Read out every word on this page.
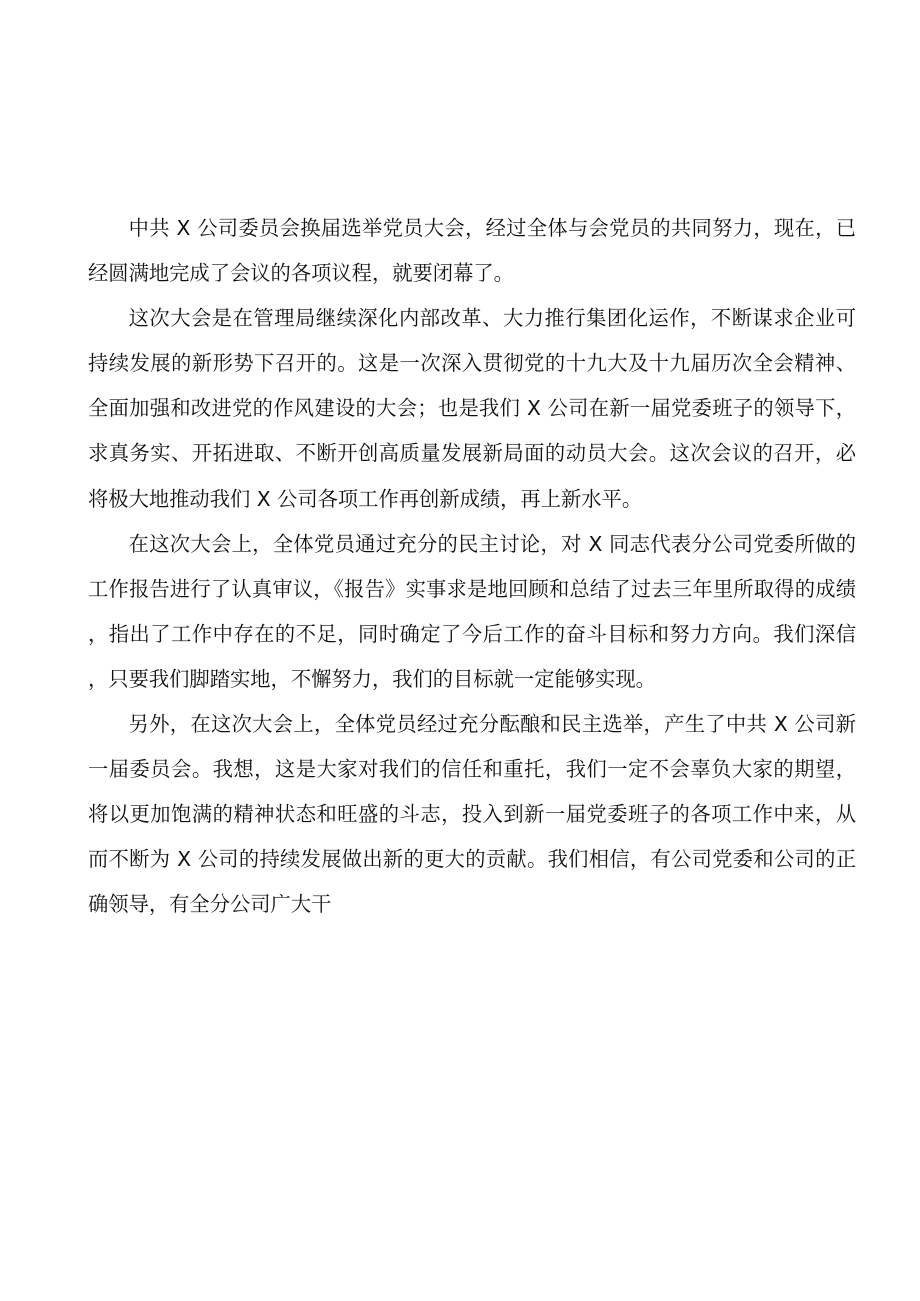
中共 X 公司委员会换届选举党员大会，经过全体与会党员的共同努力，现在，已经圆满地完成了会议的各项议程，就要闭幕了。

这次大会是在管理局继续深化内部改革、大力推行集团化运作，不断谋求企业可持续发展的新形势下召开的。这是一次深入贯彻党的十九大及十九届历次全会精神、全面加强和改进党的作风建设的大会；也是我们 X 公司在新一届党委班子的领导下，求真务实、开拓进取、不断开创高质量发展新局面的动员大会。这次会议的召开，必将极大地推动我们 X 公司各项工作再创新成绩，再上新水平。

在这次大会上，全体党员通过充分的民主讨论，对 X 同志代表分公司党委所做的工作报告进行了认真审议，《报告》实事求是地回顾和总结了过去三年里所取得的成绩，指出了工作中存在的不足，同时确定了今后工作的奋斗目标和努力方向。我们深信，只要我们脚踏实地，不懈努力，我们的目标就一定能够实现。

另外，在这次大会上，全体党员经过充分酝酿和民主选举，产生了中共 X 公司新一届委员会。我想，这是大家对我们的信任和重托，我们一定不会辜负大家的期望，将以更加饱满的精神状态和旺盛的斗志，投入到新一届党委班子的各项工作中来，从而不断为 X 公司的持续发展做出新的更大的贡献。我们相信，有公司党委和公司的正确领导，有全分公司广大干
